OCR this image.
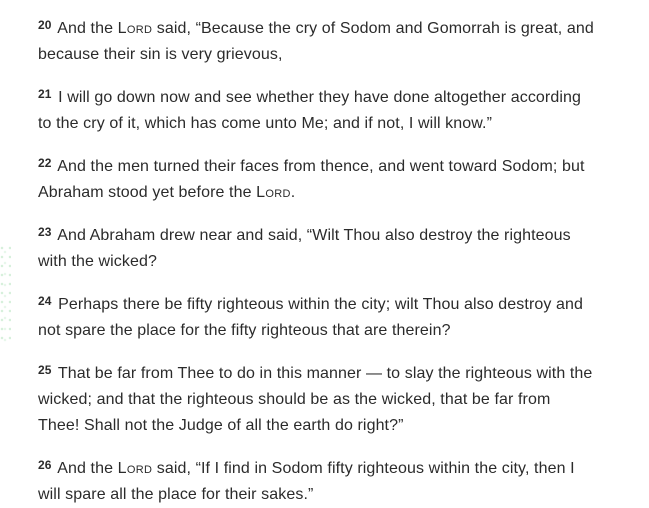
$^{20}$ And the Lord said, “Because the cry of Sodom and Gomorrah is great, and because their sin is very grievous,

$^{21}$ I will go down now and see whether they have done altogether according to the cry of it, which has come unto Me; and if not, I will know.”

$^{22}$ And the men turned their faces from thence, and went toward Sodom; but Abraham stood yet before the Lord.

$^{23}$ And Abraham drew near and said, “Wilt Thou also destroy the righteous with the wicked?

$^{24}$ Perhaps there be fifty righteous within the city; wilt Thou also destroy and not spare the place for the fifty righteous that are therein?

$^{25}$ That be far from Thee to do in this manner — to slay the righteous with the wicked; and that the righteous should be as the wicked, that be far from Thee! Shall not the Judge of all the earth do right?”

$^{26}$ And the Lord said, “If I find in Sodom fifty righteous within the city, then I will spare all the place for their sakes.”
